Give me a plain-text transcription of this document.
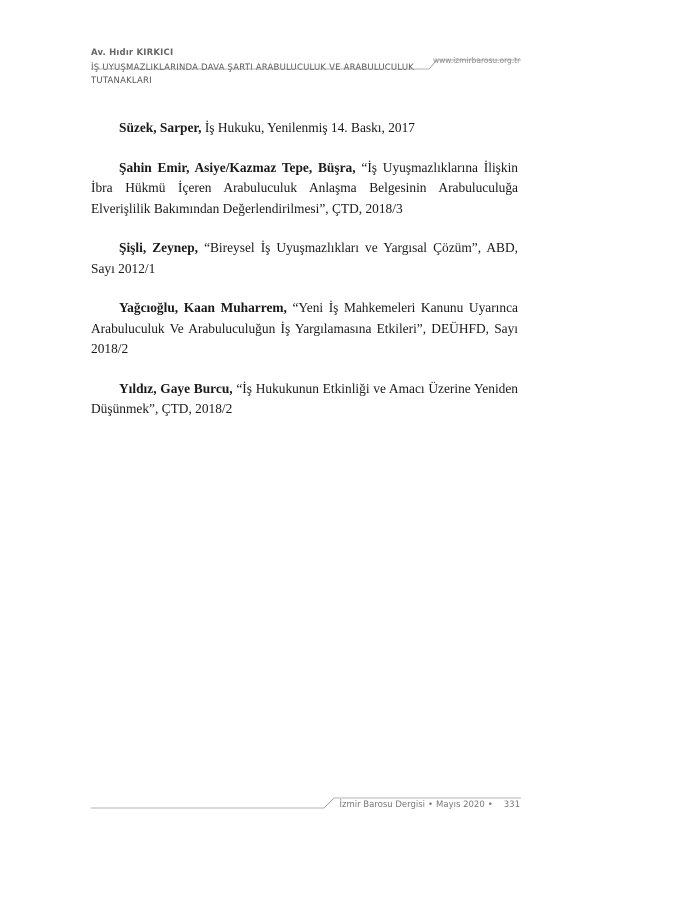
Av. Hıdır KIRKICI
İŞ UYUŞMAZLIKLARINDA DAVA ŞARTI ARABULUCULUK VE ARABULUCULUK TUTANAKLARI
www.izmirbarosu.org.tr

Süzek, Sarper, İş Hukuku, Yenilenmiş 14. Baskı, 2017

Şahin Emir, Asiye/Kazmaz Tepe, Büşra, “İş Uyuşmazlıklarına İlişkin İbra Hükmü İçeren Arabuluculuk Anlaşma Belgesinin Arabuluculuğa Elverişlilik Bakımından Değerlendirilmesi”, ÇTD, 2018/3

Şişli, Zeynep, “Bireysel İş Uyuşmazlıkları ve Yargısal Çözüm”, ABD, Sayı 2012/1

Yağcıoğlu, Kaan Muharrem, “Yeni İş Mahkemeleri Kanunu Uyarınca Arabuluculuk Ve Arabuluculuğun İş Yargılamasına Etkileri”, DEÜHFD, Sayı 2018/2

Yıldız, Gaye Burcu, “İş Hukukunun Etkinliği ve Amacı Üzerine Yeniden Düşünmek”, ÇTD, 2018/2

İzmir Barosu Dergisi • Mayıs 2020 • 331
